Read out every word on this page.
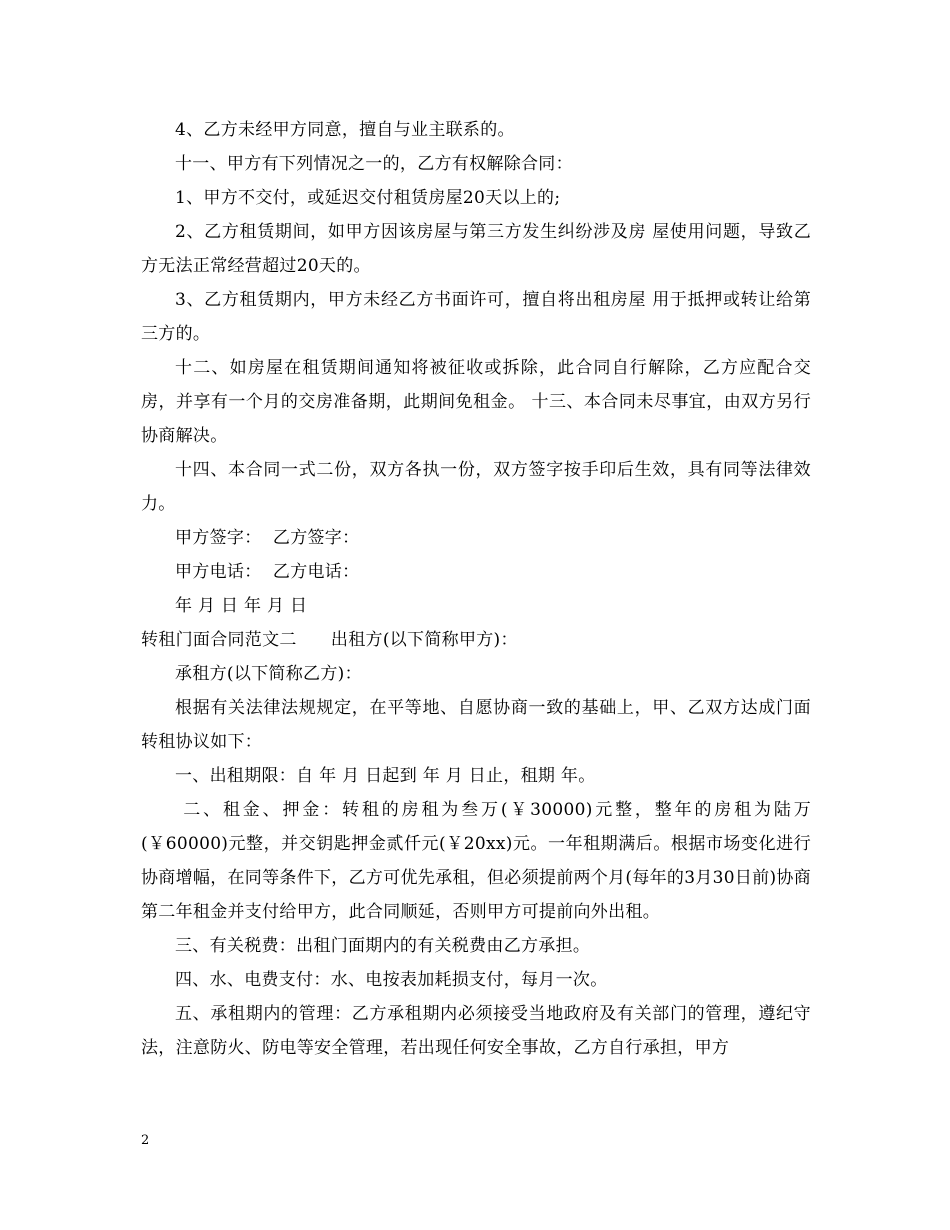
4、乙方未经甲方同意，擅自与业主联系的。

十一、甲方有下列情况之一的，乙方有权解除合同：

1、甲方不交付，或延迟交付租赁房屋20天以上的;

2、乙方租赁期间，如甲方因该房屋与第三方发生纠纷涉及房 屋使用问题，导致乙方无法正常经营超过20天的。

3、乙方租赁期内，甲方未经乙方书面许可，擅自将出租房屋 用于抵押或转让给第三方的。

十二、如房屋在租赁期间通知将被征收或拆除，此合同自行解除，乙方应配合交房，并享有一个月的交房准备期，此期间免租金。 十三、本合同未尽事宜，由双方另行协商解决。

十四、本合同一式二份，双方各执一份，双方签字按手印后生效，具有同等法律效力。

甲方签字：  乙方签字：

甲方电话：  乙方电话：

年 月 日 年 月 日

转租门面合同范文二      出租方(以下简称甲方)：

承租方(以下简称乙方)：

根据有关法律法规规定，在平等地、自愿协商一致的基础上，甲、乙双方达成门面转租协议如下：

一、出租期限：自 年 月 日起到 年 月 日止，租期 年。

二、租金、押金：转租的房租为叁万(￥30000)元整，整年的房租为陆万(￥60000)元整，并交钥匙押金贰仟元(￥20xx)元。一年租期满后。根据市场变化进行协商增幅，在同等条件下，乙方可优先承租，但必须提前两个月(每年的3月30日前)协商第二年租金并支付给甲方，此合同顺延，否则甲方可提前向外出租。

三、有关税费：出租门面期内的有关税费由乙方承担。

四、水、电费支付：水、电按表加耗损支付，每月一次。

五、承租期内的管理：乙方承租期内必须接受当地政府及有关部门的管理，遵纪守法，注意防火、防电等安全管理，若出现任何安全事故，乙方自行承担，甲方

2
